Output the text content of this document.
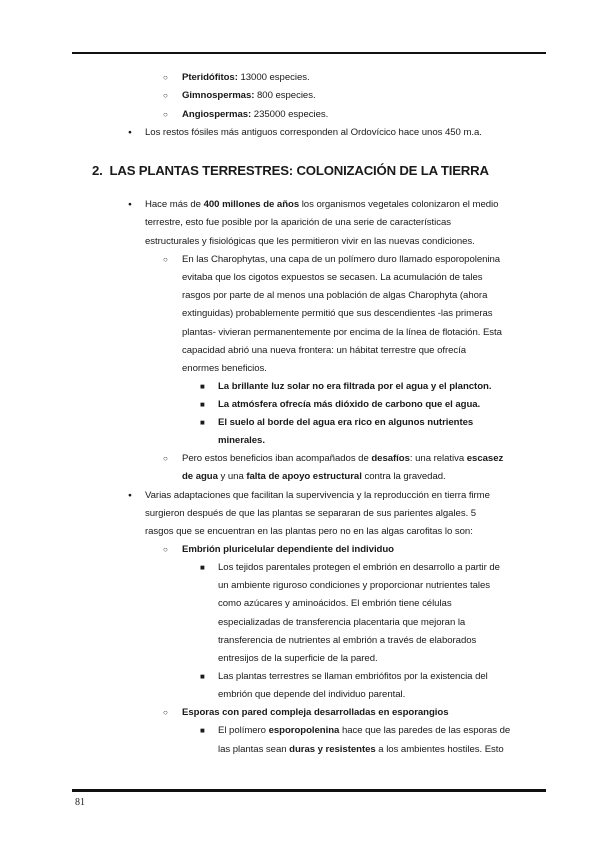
○
Pteridófitos: 13000 especies.
○
Gimnospermas: 800 especies.
○
Angiospermas: 235000 especies.
●
Los restos fósiles más antiguos corresponden al Ordovícico hace unos 450 m.a.
2. LAS PLANTAS TERRESTRES: COLONIZACIÓN DE LA TIERRA
●
Hace más de 400 millones de años los organismos vegetales colonizaron el medio
terrestre, esto fue posible por la aparición de una serie de características
estructurales y fisiológicas que les permitieron vivir en las nuevas condiciones.
○
En las Charophytas, una capa de un polímero duro llamado esporopolenina
evitaba que los cigotos expuestos se secasen. La acumulación de tales
rasgos por parte de al menos una población de algas Charophyta (ahora
extinguidas) probablemente permitió que sus descendientes -las primeras
plantas- vivieran permanentemente por encima de la línea de flotación. Esta
capacidad abrió una nueva frontera: un hábitat terrestre que ofrecía
enormes beneficios.
■
La brillante luz solar no era filtrada por el agua y el plancton.
■
La atmósfera ofrecía más dióxido de carbono que el agua.
■
El suelo al borde del agua era rico en algunos nutrientes
minerales.
○
Pero estos beneficios iban acompañados de desafíos: una relativa escasez
de agua y una falta de apoyo estructural contra la gravedad.
●
Varias adaptaciones que facilitan la supervivencia y la reproducción en tierra firme
surgieron después de que las plantas se separaran de sus parientes algales. 5
rasgos que se encuentran en las plantas pero no en las algas carofitas lo son:
○
Embrión pluricelular dependiente del individuo
■
Los tejidos parentales protegen el embrión en desarrollo a partir de
un ambiente riguroso condiciones y proporcionar nutrientes tales
como azúcares y aminoácidos. El embrión tiene células
especializadas de transferencia placentaria que mejoran la
transferencia de nutrientes al embrión a través de elaborados
entresijos de la superficie de la pared.
■
Las plantas terrestres se llaman embriófitos por la existencia del
embrión que depende del individuo parental.
○
Esporas con pared compleja desarrolladas en esporangios
■
El polímero esporopolenina hace que las paredes de las esporas de
las plantas sean duras y resistentes a los ambientes hostiles. Esto
81
